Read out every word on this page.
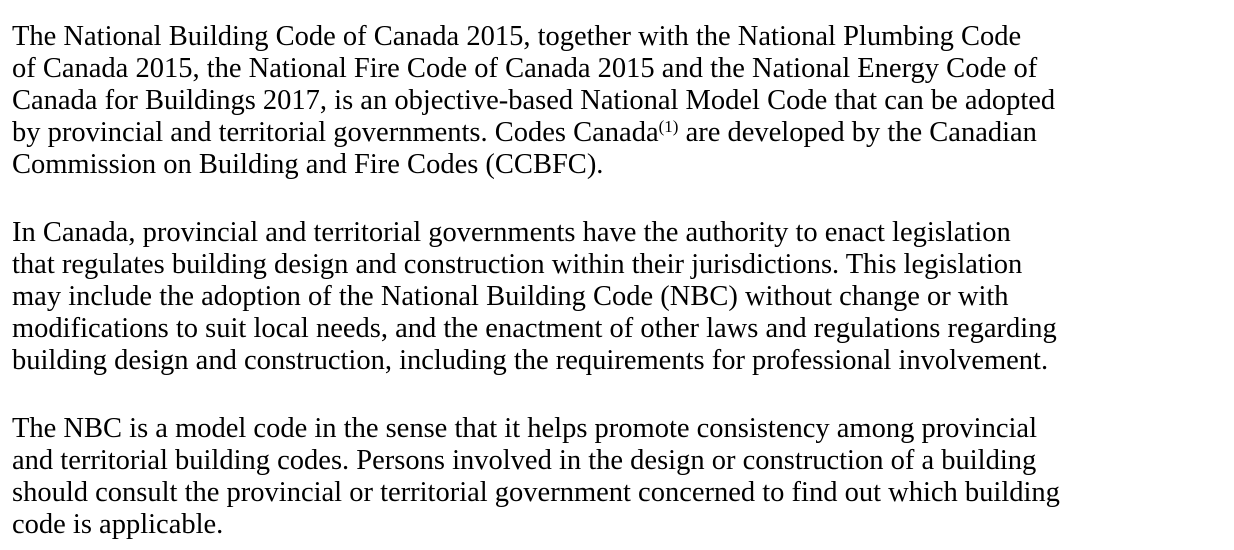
The National Building Code of Canada 2015, together with the National Plumbing Code
of Canada 2015, the National Fire Code of Canada 2015 and the National Energy Code of
Canada for Buildings 2017, is an objective-based National Model Code that can be adopted
by provincial and territorial governments. Codes Canada$^{(1)}$ are developed by the Canadian
Commission on Building and Fire Codes (CCBFC).

In Canada, provincial and territorial governments have the authority to enact legislation
that regulates building design and construction within their jurisdictions. This legislation
may include the adoption of the National Building Code (NBC) without change or with
modifications to suit local needs, and the enactment of other laws and regulations regarding
building design and construction, including the requirements for professional involvement.

The NBC is a model code in the sense that it helps promote consistency among provincial
and territorial building codes. Persons involved in the design or construction of a building
should consult the provincial or territorial government concerned to find out which building
code is applicable.
